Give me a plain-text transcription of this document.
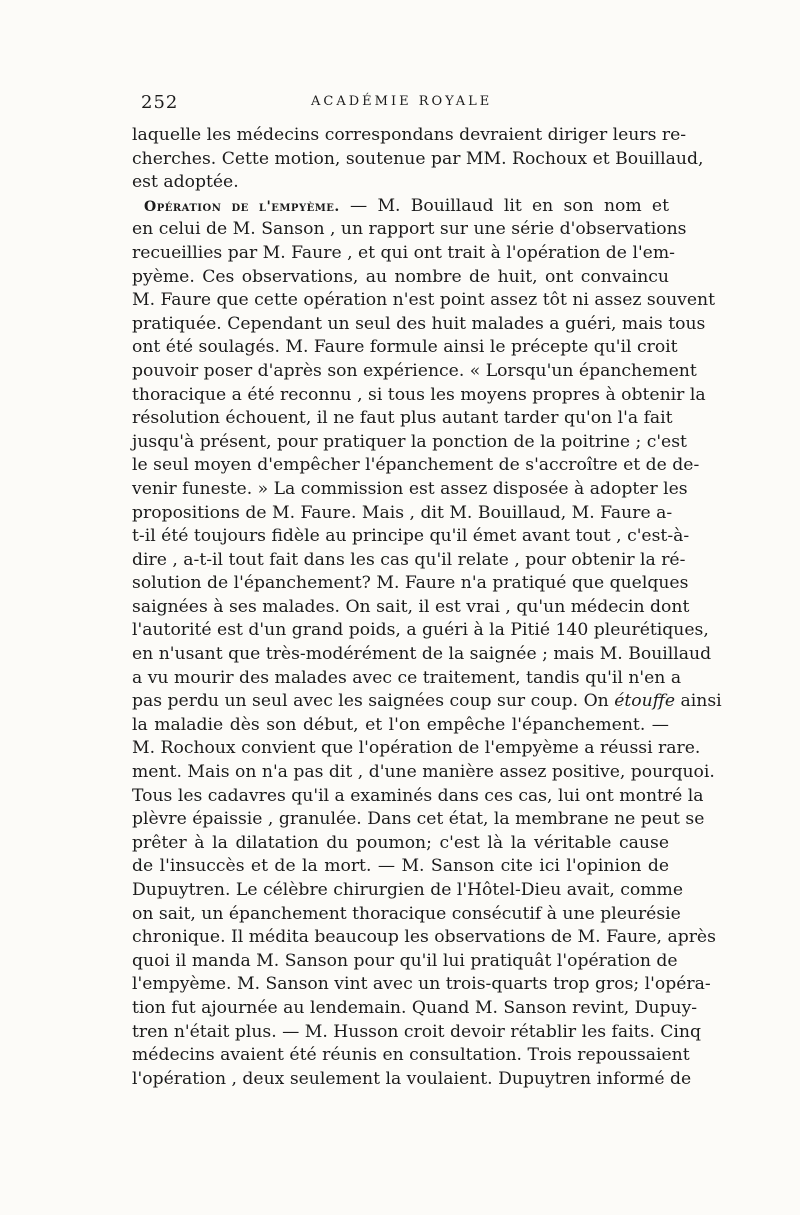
252	ACADÉMIE ROYALE
laquelle les médecins correspondans devraient diriger leurs re-
cherches. Cette motion, soutenue par MM. Rochoux et Bouillaud,
est adoptée.
Opération de l'empyème. — M. Bouillaud lit en son nom et
en celui de M. Sanson , un rapport sur une série d'observations
recueillies par M. Faure , et qui ont trait à l'opération de l'em-
pyème. Ces observations, au nombre de huit, ont convaincu
M. Faure que cette opération n'est point assez tôt ni assez souvent
pratiquée. Cependant un seul des huit malades a guéri, mais tous
ont été soulagés. M. Faure formule ainsi le précepte qu'il croit
pouvoir poser d'après son expérience. « Lorsqu'un épanchement
thoracique a été reconnu , si tous les moyens propres à obtenir la
résolution échouent, il ne faut plus autant tarder qu'on l'a fait
jusqu'à présent, pour pratiquer la ponction de la poitrine ; c'est
le seul moyen d'empêcher l'épanchement de s'accroître et de de-
venir funeste. » La commission est assez disposée à adopter les
propositions de M. Faure. Mais , dit M. Bouillaud, M. Faure a-
t-il été toujours fidèle au principe qu'il émet avant tout , c'est-à-
dire , a-t-il tout fait dans les cas qu'il relate , pour obtenir la ré-
solution de l'épanchement? M. Faure n'a pratiqué que quelques
saignées à ses malades. On sait, il est vrai , qu'un médecin dont
l'autorité est d'un grand poids, a guéri à la Pitié 140 pleurétiques,
en n'usant que très-modérément de la saignée ; mais M. Bouillaud
a vu mourir des malades avec ce traitement, tandis qu'il n'en a
pas perdu un seul avec les saignées coup sur coup. On étouffe ainsi
la maladie dès son début, et l'on empêche l'épanchement. —
M. Rochoux convient que l'opération de l'empyème a réussi rare.
ment. Mais on n'a pas dit , d'une manière assez positive, pourquoi.
Tous les cadavres qu'il a examinés dans ces cas, lui ont montré la
plèvre épaissie , granulée. Dans cet état, la membrane ne peut se
prêter à la dilatation du poumon; c'est là la véritable cause
de l'insuccès et de la mort. — M. Sanson cite ici l'opinion de
Dupuytren. Le célèbre chirurgien de l'Hôtel-Dieu avait, comme
on sait, un épanchement thoracique consécutif à une pleurésie
chronique. Il médita beaucoup les observations de M. Faure, après
quoi il manda M. Sanson pour qu'il lui pratiquât l'opération de
l'empyème. M. Sanson vint avec un trois-quarts trop gros; l'opéra-
tion fut ajournée au lendemain. Quand M. Sanson revint, Dupuy-
tren n'était plus. — M. Husson croit devoir rétablir les faits. Cinq
médecins avaient été réunis en consultation. Trois repoussaient
l'opération , deux seulement la voulaient. Dupuytren informé de
